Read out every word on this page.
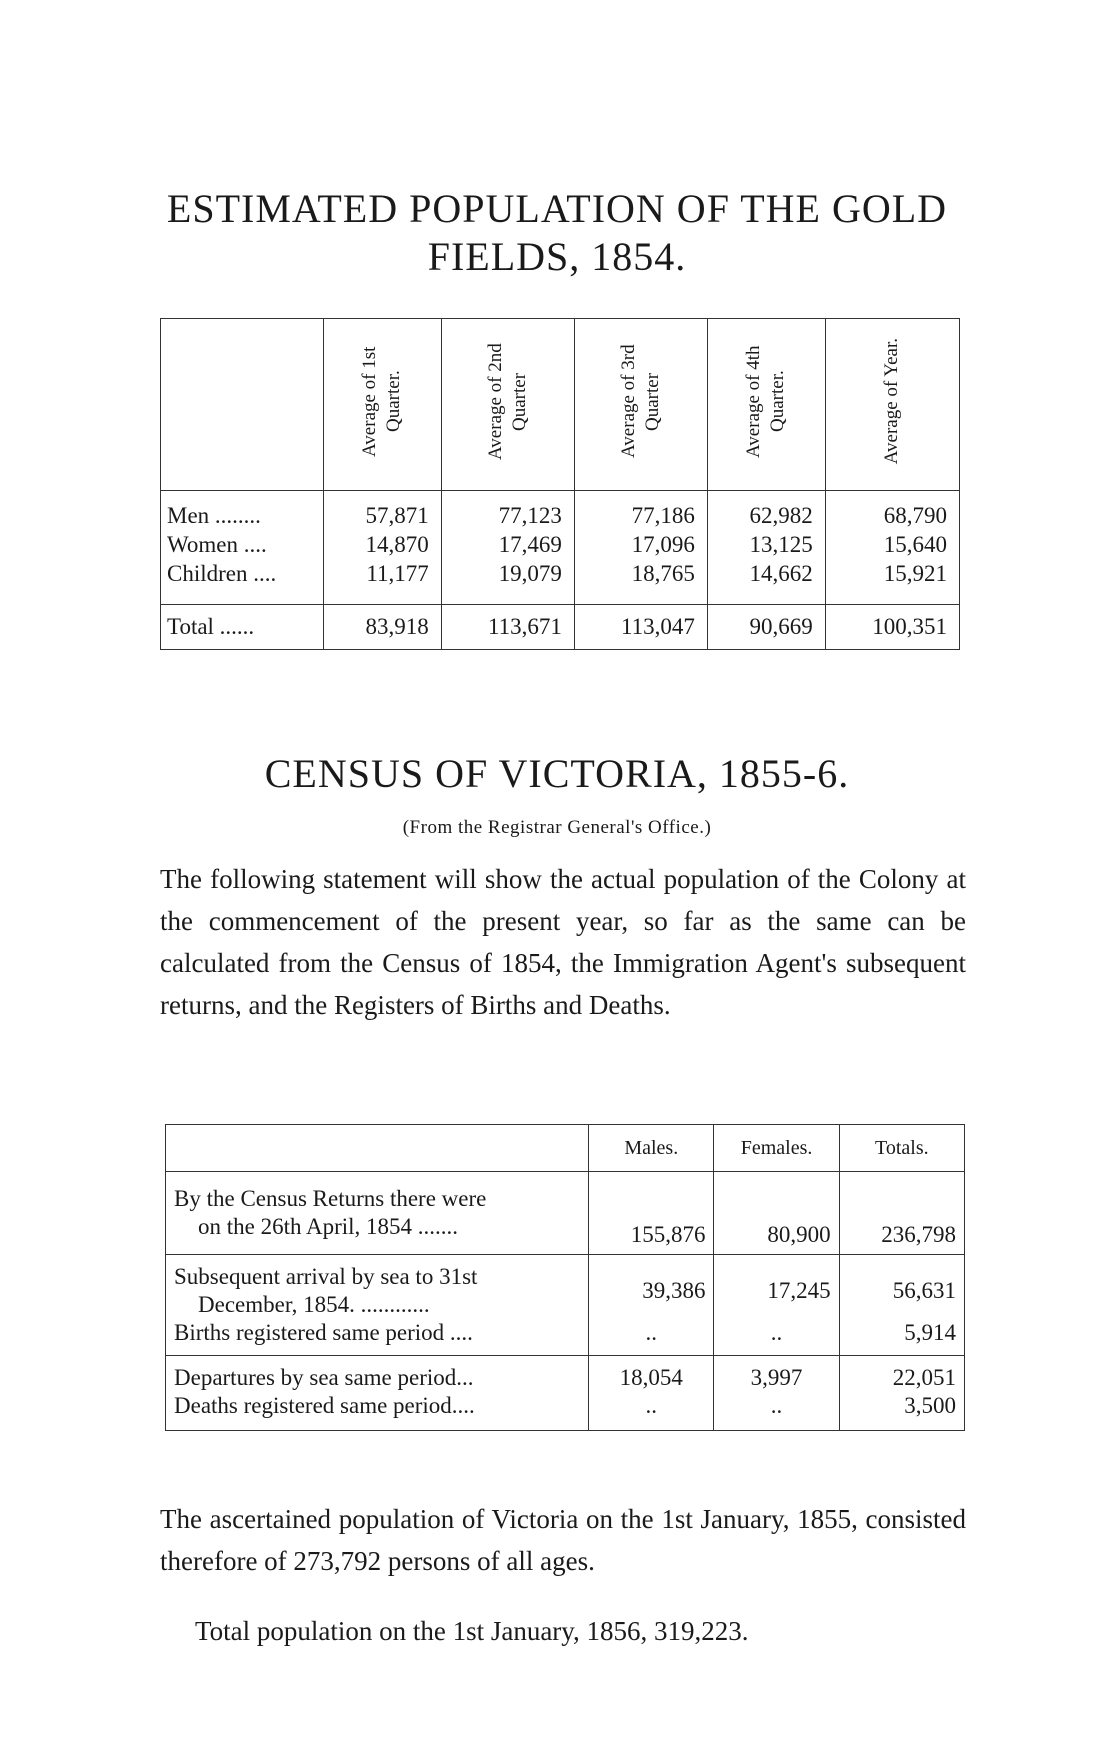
ESTIMATED POPULATION OF THE GOLD
FIELDS, 1854.
	Average of 1st Quarter.	Average of 2nd Quarter	Average of 3rd Quarter	Average of 4th Quarter.	Average of Year.
Men ........	57,871	77,123	77,186	62,982	68,790
Women ....	14,870	17,469	17,096	13,125	15,640
Children ....	11,177	19,079	18,765	14,662	15,921

Total ......	83,918	113,671	113,047	90,669	100,351
CENSUS OF VICTORIA, 1855-6.
(From the Registrar General's Office.)

The following statement will show the actual population of the Colony at the commencement of the present year, so far as the same can be calculated from the Census of 1854, the Immigration Agent's subsequent returns, and the Registers of Births and Deaths.

	Males.	Females.	Totals.
By the Census Returns there were
on the 26th April, 1854 .......	155,876	80,900	236,798
Subsequent arrival by sea to 31st
December, 1854. ............	39,386	17,245	56,631
Births registered same period ....	..	..	5,914
Departures by sea same period...	18,054	3,997	22,051
Deaths registered same period....	..	..	3,500

The ascertained population of Victoria on the 1st January, 1855, consisted therefore of 273,792 persons of all ages.

Total population on the 1st January, 1856, 319,223.
